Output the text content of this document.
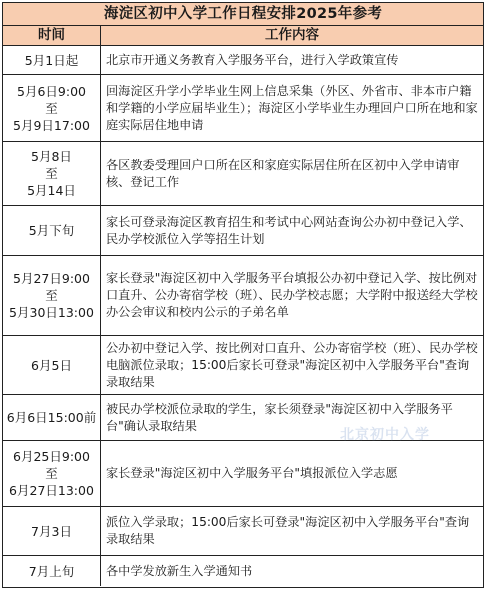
海淀区初中入学工作日程安排2025年参考
时间	工作内容
5月1日起 北京市开通义务教育入学服务平台，进行入学政策宣传
5月6日9:00
至
5月9日17:00
回海淀区升学小学毕业生网上信息采集（外区、外省市、非本市户籍和学籍的小学应届毕业生）；海淀区小学毕业生办理回户口所在地和家庭实际居住地申请
5月8日
至
5月14日
各区教委受理回户口所在区和家庭实际居住所在区初中入学申请审核、登记工作
5月下旬
家长可登录海淀区教育招生和考试中心网站查询公办初中登记入学、民办学校派位入学等招生计划
5月27日9:00
至
5月30日13:00
家长登录"海淀区初中入学服务平台填报公办初中登记入学、按比例对口直升、公办寄宿学校（班）、民办学校志愿；大学附中报送经大学校办公会审议和校内公示的子弟名单
6月5日
公办初中登记入学、按比例对口直升、公办寄宿学校（班）、民办学校电脑派位录取；15:00后家长可登录"海淀区初中入学服务平台"查询录取结果
6月6日15:00前
被民办学校派位录取的学生，家长须登录"海淀区初中入学服务平台"确认录取结果
6月25日9:00
至
6月27日13:00
家长登录"海淀区初中入学服务平台"填报派位入学志愿
7月3日
派位入学录取；15:00后家长可登录"海淀区初中入学服务平台"查询录取结果
7月上旬	各中学发放新生入学通知书
北京初中入学
